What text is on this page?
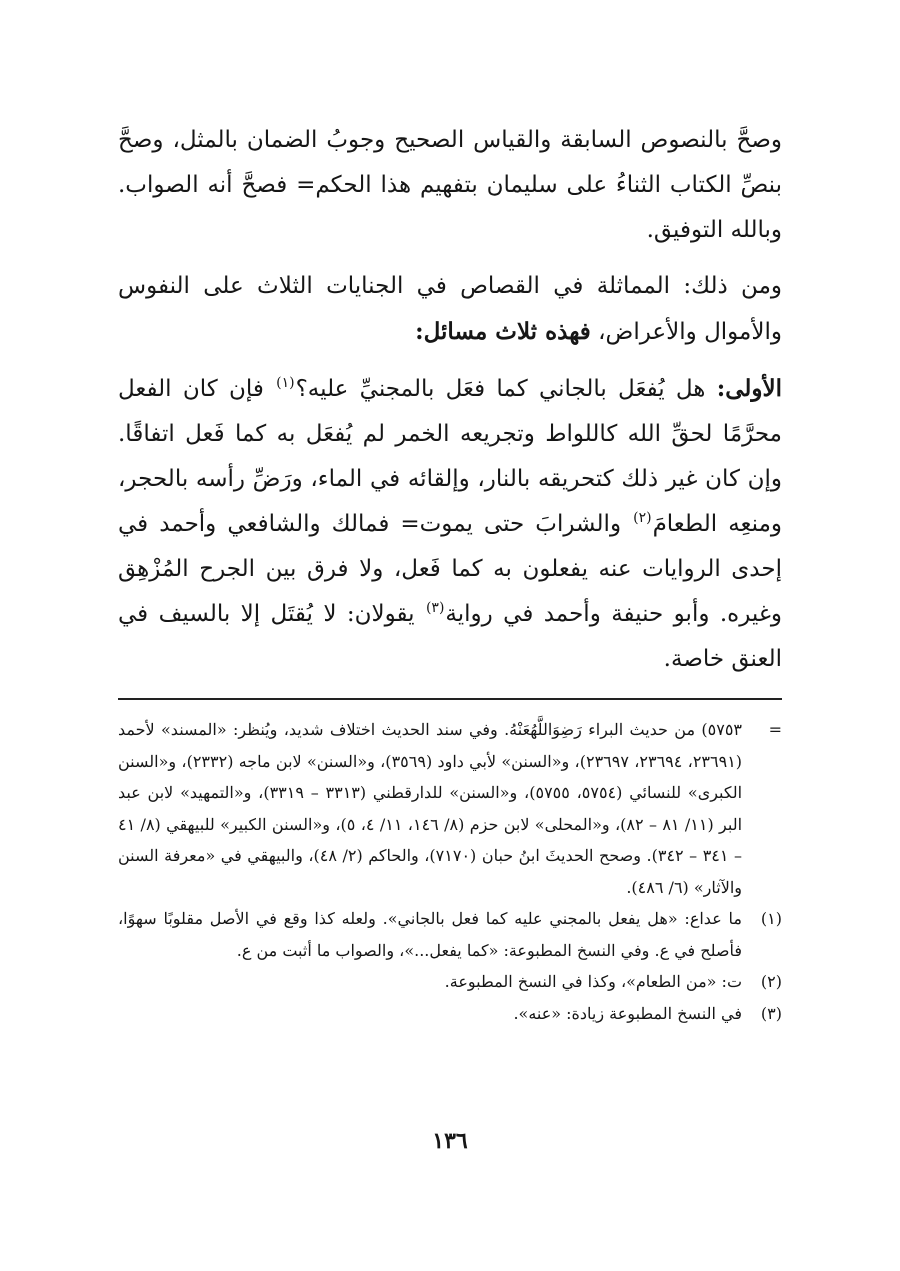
وصحَّ بالنصوص السابقة والقياس الصحيح وجوبُ الضمان بالمثل، وصحَّ بنصِّ الكتاب الثناءُ على سليمان بتفهيم هذا الحكم= فصحَّ أنه الصواب. وبالله التوفيق.

ومن ذلك: المماثلة في القصاص في الجنايات الثلاث على النفوس والأموال والأعراض، فهذه ثلاث مسائل:

الأولى: هل يُفعَل بالجاني كما فعَل بالمجنيِّ عليه؟$^{(١)}$ فإن كان الفعل محرَّمًا لحقِّ الله كاللواط وتجريعه الخمر لم يُفعَل به كما فَعل اتفاقًا. وإن كان غير ذلك كتحريقه بالنار، وإلقائه في الماء، ورَضِّ رأسه بالحجر، ومنعِه الطعامَ$^{(٢)}$ والشرابَ حتى يموت= فمالك والشافعي وأحمد في إحدى الروايات عنه يفعلون به كما فَعل، ولا فرق بين الجرح المُزْهِق وغيره. وأبو حنيفة وأحمد في رواية$^{(٣)}$ يقولان: لا يُقتَل إلا بالسيف في العنق خاصة.

=
٥٧٥٣) من حديث البراء رَضِوَاللَّهُعَنْهُ. وفي سند الحديث اختلاف شديد، ويُنظر: «المسند» لأحمد (٢٣٦٩١، ٢٣٦٩٤، ٢٣٦٩٧)، و«السنن» لأبي داود (٣٥٦٩)، و«السنن» لابن ماجه (٢٣٣٢)، و«السنن الكبرى» للنسائي (٥٧٥٤، ٥٧٥٥)، و«السنن» للدارقطني (٣٣١٣ – ٣٣١٩)، و«التمهيد» لابن عبد البر (١١/ ٨١ – ٨٢)، و«المحلى» لابن حزم (٨/ ١٤٦، ١١/ ٤، ٥)، و«السنن الكبير» للبيهقي (٨/ ٤١ – ٣٤١ – ٣٤٢). وصحح الحديثَ ابنُ حبان (٧١٧٠)، والحاكم (٢/ ٤٨)، والبيهقي في «معرفة السنن والآثار» (٦/ ٤٨٦).
(١)
ما عداع: «هل يفعل بالمجني عليه كما فعل بالجاني». ولعله كذا وقع في الأصل مقلوبًا سهوًا، فأصلح في ع. وفي النسخ المطبوعة: «كما يفعل...»، والصواب ما أثبت من ع.
(٢)
ت: «من الطعام»، وكذا في النسخ المطبوعة.
(٣)
في النسخ المطبوعة زيادة: «عنه».
١٣٦
